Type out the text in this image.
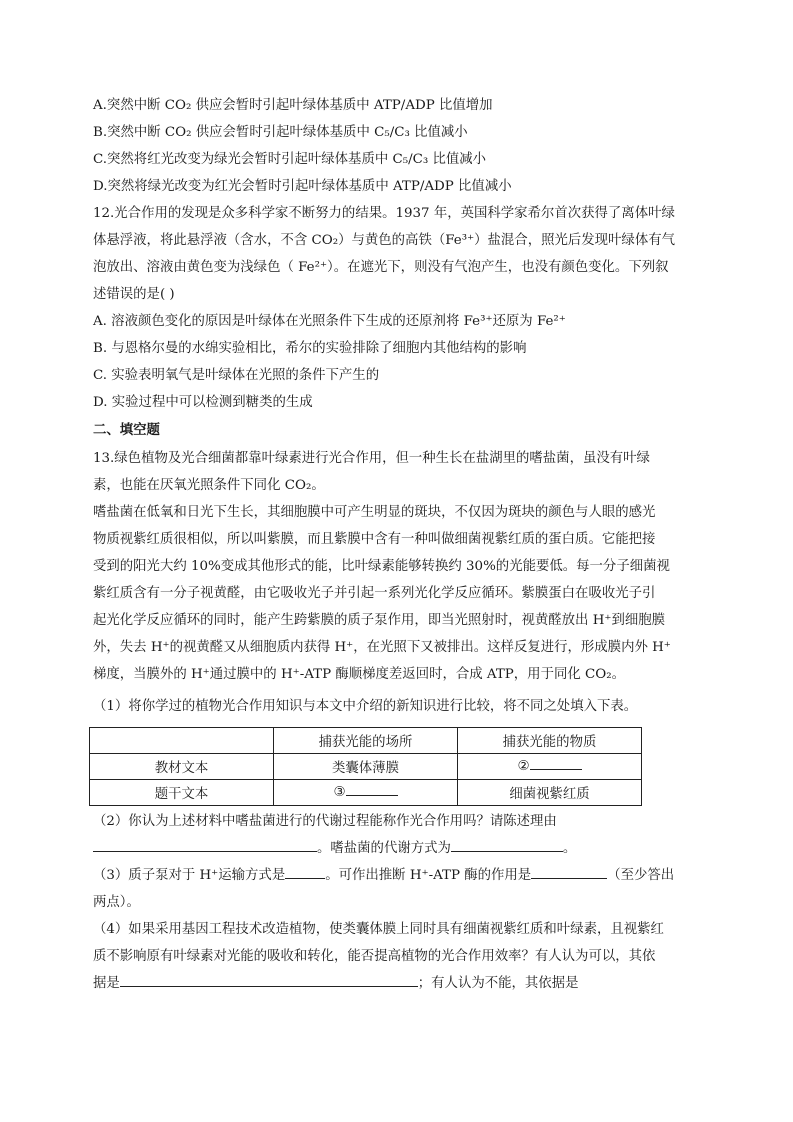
A.突然中断 CO₂ 供应会暂时引起叶绿体基质中 ATP/ADP 比值增加
B.突然中断 CO₂ 供应会暂时引起叶绿体基质中 C₅/C₃ 比值减小
C.突然将红光改变为绿光会暂时引起叶绿体基质中 C₅/C₃ 比值减小
D.突然将绿光改变为红光会暂时引起叶绿体基质中 ATP/ADP 比值减小
12.光合作用的发现是众多科学家不断努力的结果。1937 年，英国科学家希尔首次获得了离体叶绿
体悬浮液，将此悬浮液（含水，不含 CO₂）与黄色的高铁（Fe³⁺）盐混合，照光后发现叶绿体有气
泡放出、溶液由黄色变为浅绿色（ Fe²⁺）。在遮光下，则没有气泡产生，也没有颜色变化。下列叙
述错误的是( )
A. 溶液颜色变化的原因是叶绿体在光照条件下生成的还原剂将 Fe³⁺还原为 Fe²⁺
B. 与恩格尔曼的水绵实验相比，希尔的实验排除了细胞内其他结构的影响
C. 实验表明氧气是叶绿体在光照的条件下产生的
D. 实验过程中可以检测到糖类的生成
二、填空题
13.绿色植物及光合细菌都靠叶绿素进行光合作用，但一种生长在盐湖里的嗜盐菌，虽没有叶绿
素，也能在厌氧光照条件下同化 CO₂。
嗜盐菌在低氧和日光下生长，其细胞膜中可产生明显的斑块，不仅因为斑块的颜色与人眼的感光
物质视紫红质很相似，所以叫紫膜，而且紫膜中含有一种叫做细菌视紫红质的蛋白质。它能把接
受到的阳光大约 10%变成其他形式的能，比叶绿素能够转换约 30%的光能要低。每一分子细菌视
紫红质含有一分子视黄醛，由它吸收光子并引起一系列光化学反应循环。紫膜蛋白在吸收光子引
起光化学反应循环的同时，能产生跨紫膜的质子泵作用，即当光照射时，视黄醛放出 H⁺到细胞膜
外，失去 H⁺的视黄醛又从细胞质内获得 H⁺，在光照下又被排出。这样反复进行，形成膜内外 H⁺
梯度，当膜外的 H⁺通过膜中的 H⁺-ATP 酶顺梯度差返回时，合成 ATP，用于同化 CO₂。
（1）将你学过的植物光合作用知识与本文中介绍的新知识进行比较，将不同之处填入下表。
	捕获光能的场所	捕获光能的物质
教材文本	类囊体薄膜	②
题干文本	③	细菌视紫红质
（2）你认为上述材料中嗜盐菌进行的代谢过程能称作光合作用吗？请陈述理由
。嗜盐菌的代谢方式为	。
（3）质子泵对于 H⁺运输方式是	。可作出推断 H⁺-ATP 酶的作用是	（至少答出
两点）。
（4）如果采用基因工程技术改造植物，使类囊体膜上同时具有细菌视紫红质和叶绿素，且视紫红
质不影响原有叶绿素对光能的吸收和转化，能否提高植物的光合作用效率？有人认为可以，其依
据是	；有人认为不能，其依据是
